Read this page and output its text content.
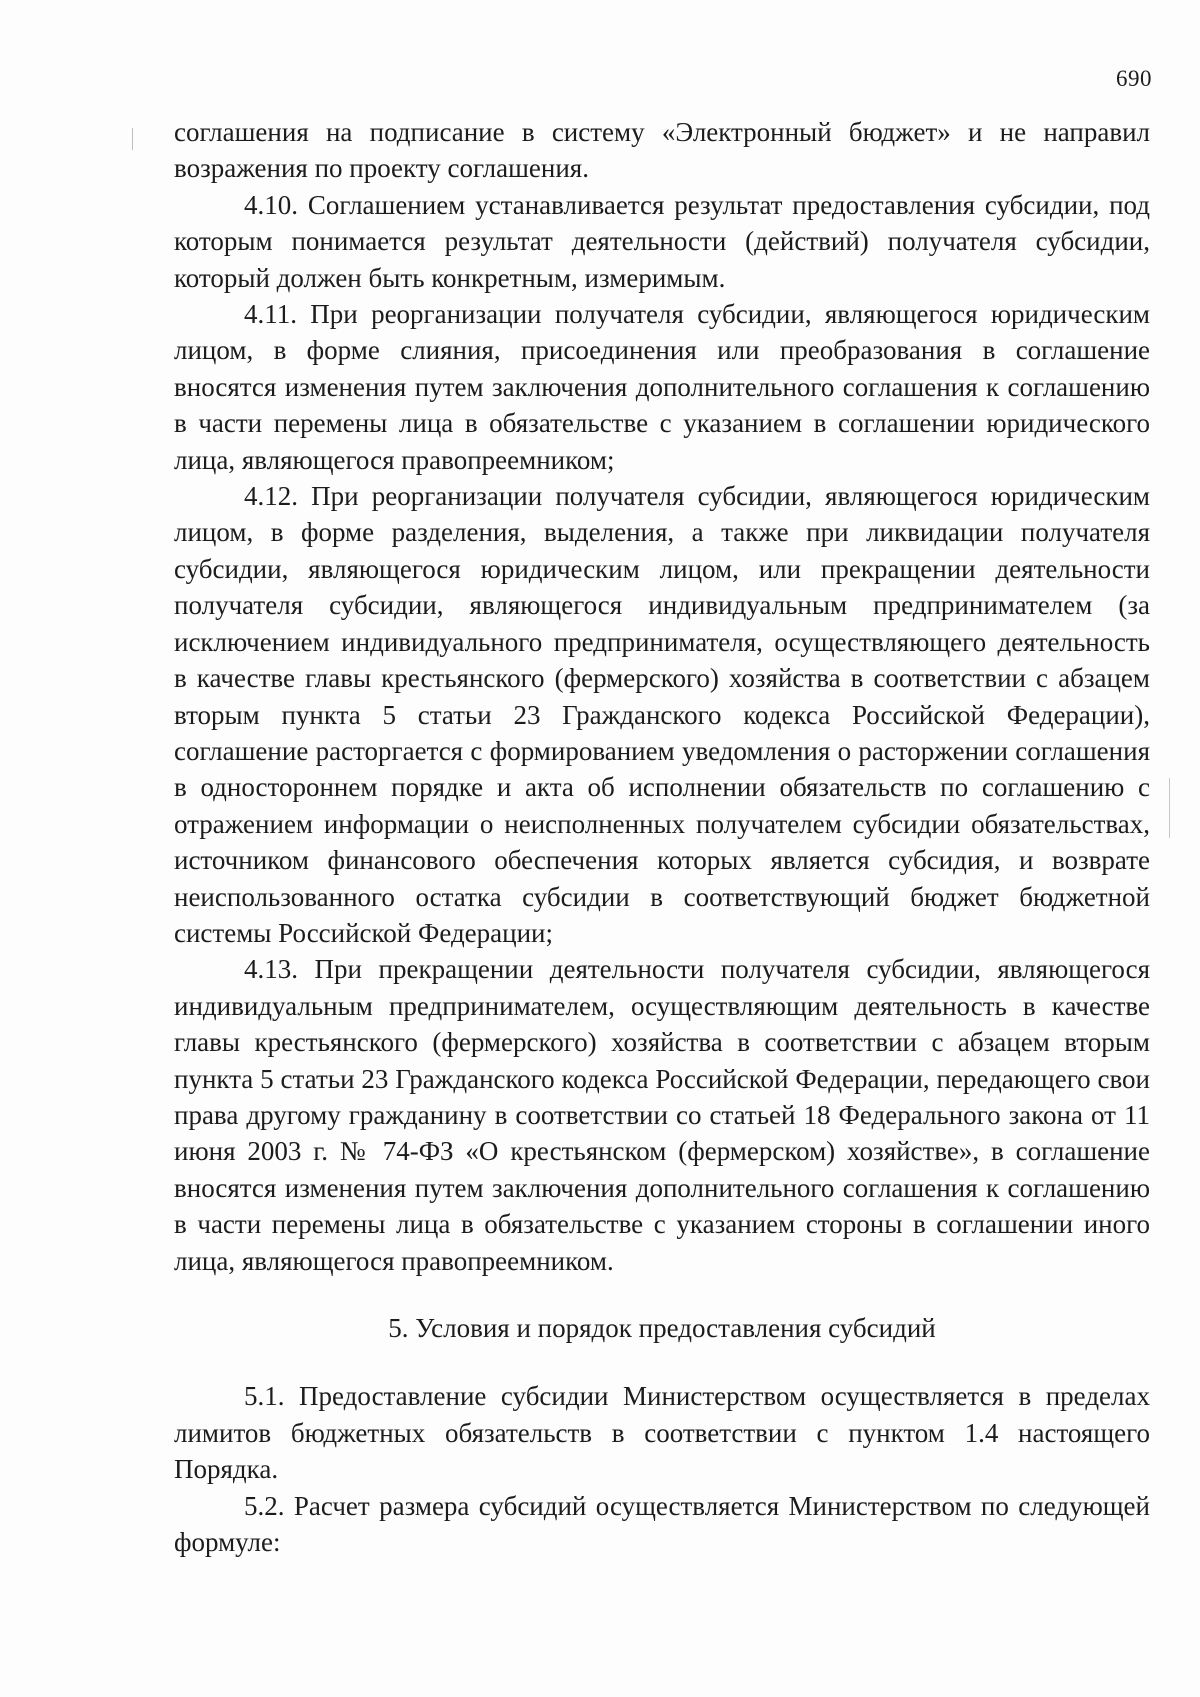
690

соглашения на подписание в систему «Электронный бюджет» и не направил возражения по проекту соглашения.

4.10. Соглашением устанавливается результат предоставления субсидии, под которым понимается результат деятельности (действий) получателя субсидии, который должен быть конкретным, измеримым.

4.11. При реорганизации получателя субсидии, являющегося юридическим лицом, в форме слияния, присоединения или преобразования в соглашение вносятся изменения путем заключения дополнительного соглашения к соглашению в части перемены лица в обязательстве с указанием в соглашении юридического лица, являющегося правопреемником;

4.12. При реорганизации получателя субсидии, являющегося юридическим лицом, в форме разделения, выделения, а также при ликвидации получателя субсидии, являющегося юридическим лицом, или прекращении деятельности получателя субсидии, являющегося индивидуальным предпринимателем (за исключением индивидуального предпринимателя, осуществляющего деятельность в качестве главы крестьянского (фермерского) хозяйства в соответствии с абзацем вторым пункта 5 статьи 23 Гражданского кодекса Российской Федерации), соглашение расторгается с формированием уведомления о расторжении соглашения в одностороннем порядке и акта об исполнении обязательств по соглашению с отражением информации о неисполненных получателем субсидии обязательствах, источником финансового обеспечения которых является субсидия, и возврате неиспользованного остатка субсидии в соответствующий бюджет бюджетной системы Российской Федерации;

4.13. При прекращении деятельности получателя субсидии, являющегося индивидуальным предпринимателем, осуществляющим деятельность в качестве главы крестьянского (фермерского) хозяйства в соответствии с абзацем вторым пункта 5 статьи 23 Гражданского кодекса Российской Федерации, передающего свои права другому гражданину в соответствии со статьей 18 Федерального закона от 11 июня 2003 г. № 74-ФЗ «О крестьянском (фермерском) хозяйстве», в соглашение вносятся изменения путем заключения дополнительного соглашения к соглашению в части перемены лица в обязательстве с указанием стороны в соглашении иного лица, являющегося правопреемником.

5. Условия и порядок предоставления субсидий

5.1. Предоставление субсидии Министерством осуществляется в пределах лимитов бюджетных обязательств в соответствии с пунктом 1.4 настоящего Порядка.

5.2. Расчет размера субсидий осуществляется Министерством по следующей формуле:
